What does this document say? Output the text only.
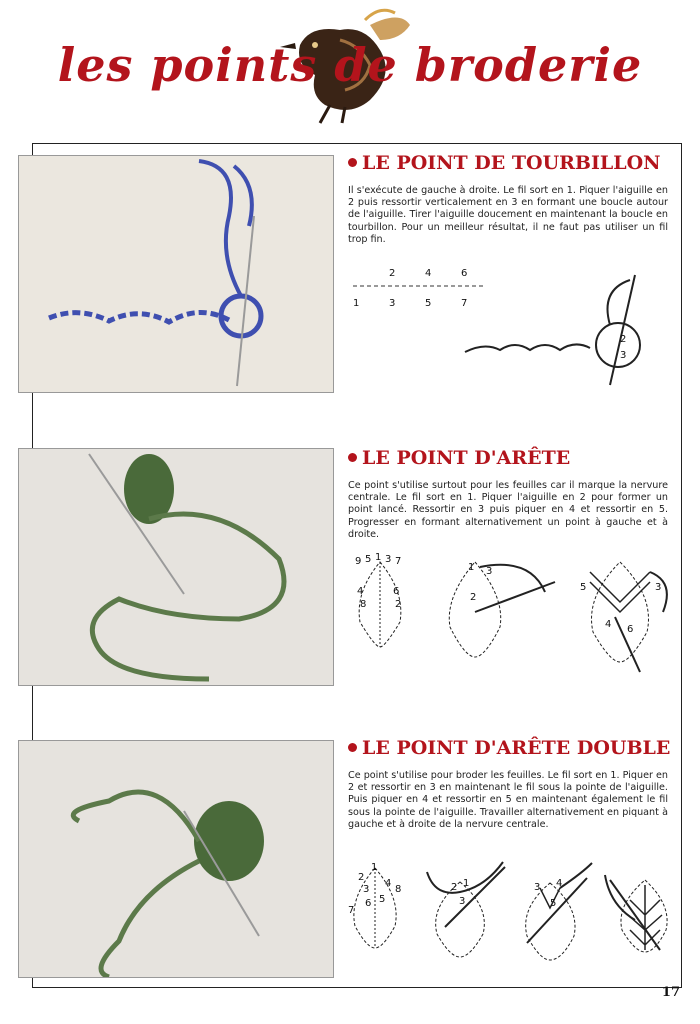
les points de broderie
LE POINT DE TOURBILLON
Il s'exécute de gauche à droite. Le fil sort en 1. Piquer l'aiguille en 2 puis ressortir verticalement en 3 en formant une boucle autour de l'aiguille. Tirer l'aiguille doucement en maintenant la boucle en tourbillon. Pour un meilleur résultat, il ne faut pas utiliser un fil trop fin.
2	4	6
1	3	5	7
2
3
LE POINT D'ARÊTE
Ce point s'utilise surtout pour les feuilles car il marque la nervure centrale. Le fil sort en 1. Piquer l'aiguille en 2 pour former un point lancé. Ressortir en 3 puis piquer en 4 et ressortir en 5. Progresser en formant alternativement un point à gauche et à droite.
9 5 1 3 7
4
8
6
2
1 3
2
5	3
4 6
LE POINT D'ARÊTE DOUBLE
Ce point s'utilise pour broder les feuilles. Le fil sort en 1. Piquer en 2 et ressortir en 3 en maintenant le fil sous la pointe de l'aiguille. Puis piquer en 4 et ressortir en 5 en maintenant également le fil sous la pointe de l'aiguille. Travailler alternativement en piquant à gauche et à droite de la nervure centrale.
2
1
3
4
8
5
7
6
2 1
3
3 4
5
17
